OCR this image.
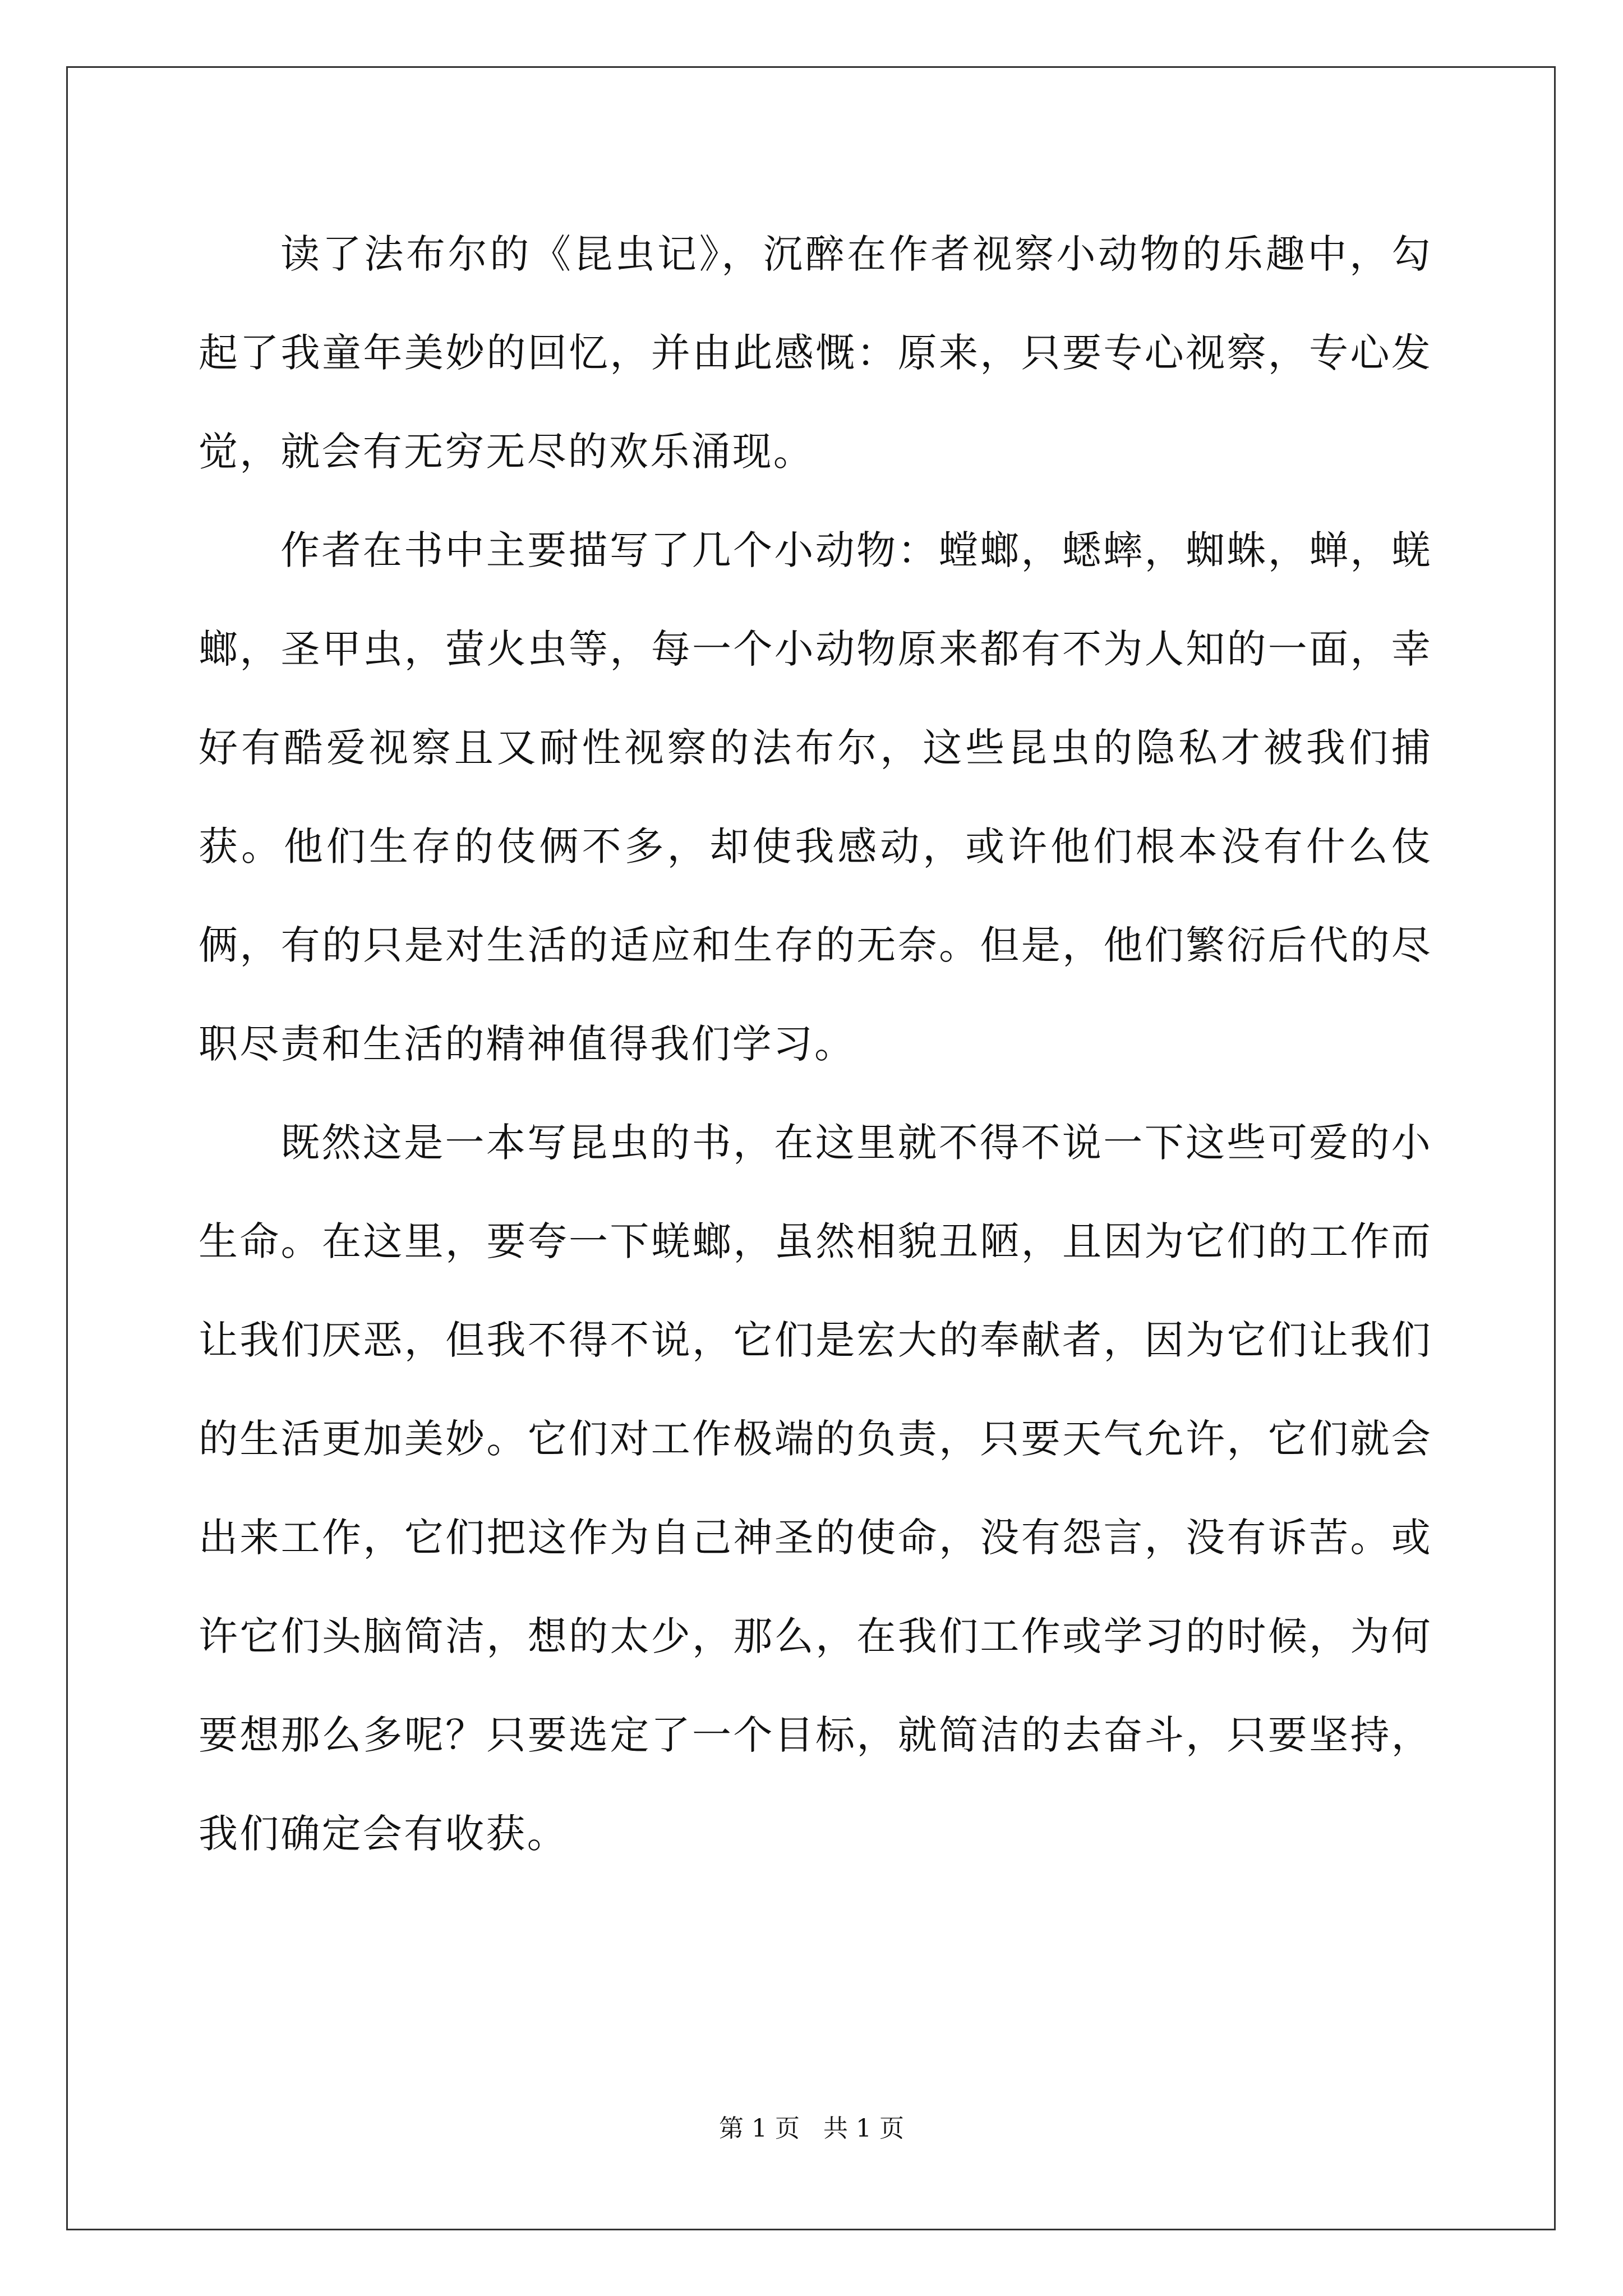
读了法布尔的《昆虫记》，沉醉在作者视察小动物的乐趣中，勾起了我童年美妙的回忆，并由此感慨：原来，只要专心视察，专心发觉，就会有无穷无尽的欢乐涌现。

作者在书中主要描写了几个小动物：螳螂，蟋蟀，蜘蛛，蝉，蜣螂，圣甲虫，萤火虫等，每一个小动物原来都有不为人知的一面，幸好有酷爱视察且又耐性视察的法布尔，这些昆虫的隐私才被我们捕获。他们生存的伎俩不多，却使我感动，或许他们根本没有什么伎俩，有的只是对生活的适应和生存的无奈。但是，他们繁衍后代的尽职尽责和生活的精神值得我们学习。

既然这是一本写昆虫的书，在这里就不得不说一下这些可爱的小生命。在这里，要夸一下蜣螂，虽然相貌丑陋，且因为它们的工作而让我们厌恶，但我不得不说，它们是宏大的奉献者，因为它们让我们的生活更加美妙。它们对工作极端的负责，只要天气允许，它们就会出来工作，它们把这作为自己神圣的使命，没有怨言，没有诉苦。或许它们头脑简洁，想的太少，那么，在我们工作或学习的时候，为何要想那么多呢？只要选定了一个目标，就简洁的去奋斗，只要坚持，我们确定会有收获。

第 1 页   共 1 页
